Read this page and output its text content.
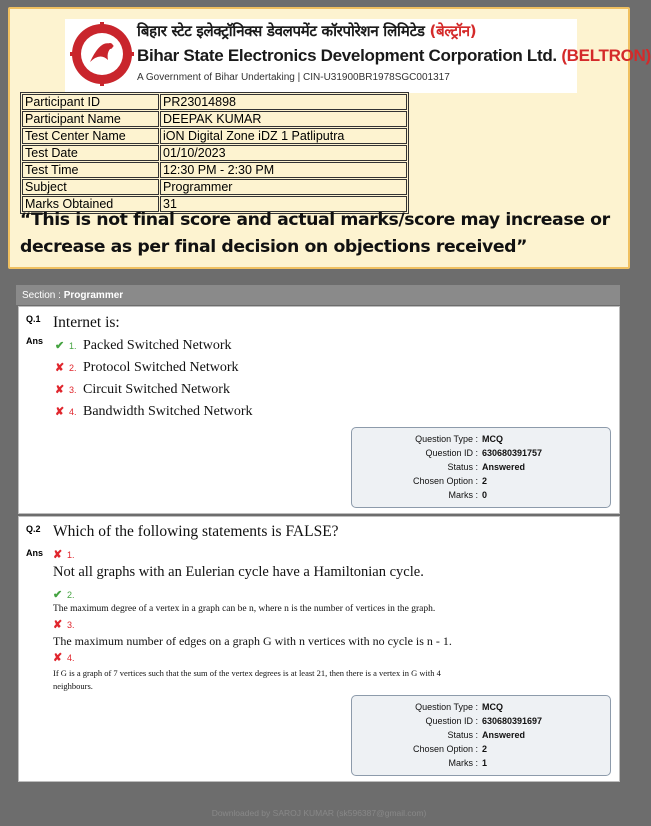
बिहार स्टेट इलेक्ट्रॉनिक्स डेवलपमेंट कॉरपोरेशन लिमिटेड (बेल्ट्रॉन)
Bihar State Electronics Development Corporation Ltd. (BELTRON)
A Government of Bihar Undertaking | CIN-U31900BR1978SGC001317
Participant ID	PR23014898
Participant Name	DEEPAK KUMAR
Test Center Name	iON Digital Zone iDZ 1 Patliputra
Test Date	01/10/2023
Test Time	12:30 PM - 2:30 PM
Subject	Programmer
Marks Obtained	31
“This is not final score and actual marks/score may increase or decrease as per final decision on objections received”
Section : Programmer
Q.1
Ans
Internet is:
✔ 1. Packed Switched Network
✘ 2. Protocol Switched Network
✘ 3. Circuit Switched Network
✘ 4. Bandwidth Switched Network
Question Type : MCQ
Question ID : 630680391757
Status : Answered
Chosen Option : 2
Marks : 0
Q.2
Ans
Which of the following statements is FALSE?
✘ 1.
Not all graphs with an Eulerian cycle have a Hamiltonian cycle.
✔ 2.
The maximum degree of a vertex in a graph can be n, where n is the number of vertices in the graph.
✘ 3.
The maximum number of edges on a graph G with n vertices with no cycle is n - 1.
✘ 4.
If G is a graph of 7 vertices such that the sum of the vertex degrees is at least 21, then there is a vertex in G with 4 neighbours.
Question Type : MCQ
Question ID : 630680391697
Status : Answered
Chosen Option : 2
Marks : 1
Downloaded by SAROJ KUMAR (sk596387@gmail.com)
